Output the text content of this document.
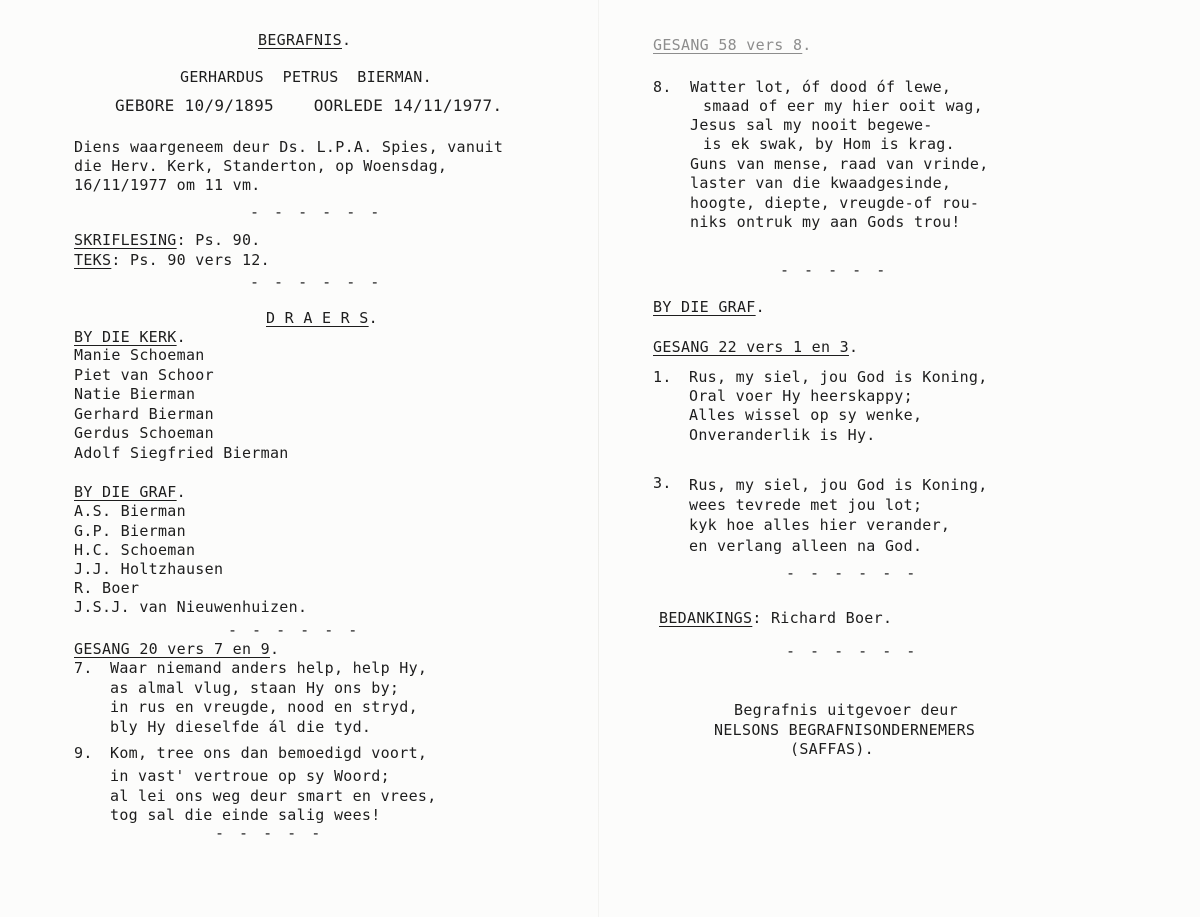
BEGRAFNIS.
GERHARDUS  PETRUS  BIERMAN.
GEBORE 10/9/1895 OORLEDE 14/11/1977.
Diens waargeneem deur Ds. L.P.A. Spies, vanuit
die Herv. Kerk, Standerton, op Woensdag,
16/11/1977 om 11 vm.
- - - - - -
SKRIFLESING: Ps. 90.
TEKS: Ps. 90 vers 12.
- - - - - -
D R A E R S.
BY DIE KERK.
Manie Schoeman
Piet van Schoor
Natie Bierman
Gerhard Bierman
Gerdus Schoeman
Adolf Siegfried Bierman
BY DIE GRAF.
A.S. Bierman
G.P. Bierman
H.C. Schoeman
J.J. Holtzhausen
R. Boer
J.S.J. van Nieuwenhuizen.
- - - - - -
GESANG 20 vers 7 en 9.
7. Waar niemand anders help, help Hy,
as almal vlug, staan Hy ons by;
in rus en vreugde, nood en stryd,
bly Hy dieselfde ál die tyd.
9. Kom, tree ons dan bemoedigd voort,
in vast' vertroue op sy Woord;
al lei ons weg deur smart en vrees,
tog sal die einde salig wees!
- - - - -
GESANG 58 vers 8.
8. Watter lot, óf dood óf lewe,
smaad of eer my hier ooit wag,
Jesus sal my nooit begewe-
is ek swak, by Hom is krag.
Guns van mense, raad van vrinde,
laster van die kwaadgesinde,
hoogte, diepte, vreugde-of rou-
niks ontruk my aan Gods trou!
- - - - -
BY DIE GRAF.
GESANG 22 vers 1 en 3.
1. Rus, my siel, jou God is Koning,
Oral voer Hy heerskappy;
Alles wissel op sy wenke,
Onveranderlik is Hy.
3. Rus, my siel, jou God is Koning,
wees tevrede met jou lot;
kyk hoe alles hier verander,
en verlang alleen na God.
- - - - - -
BEDANKINGS: Richard Boer.
- - - - - -
Begrafnis uitgevoer deur
NELSONS BEGRAFNISONDERNEMERS
(SAFFAS).
